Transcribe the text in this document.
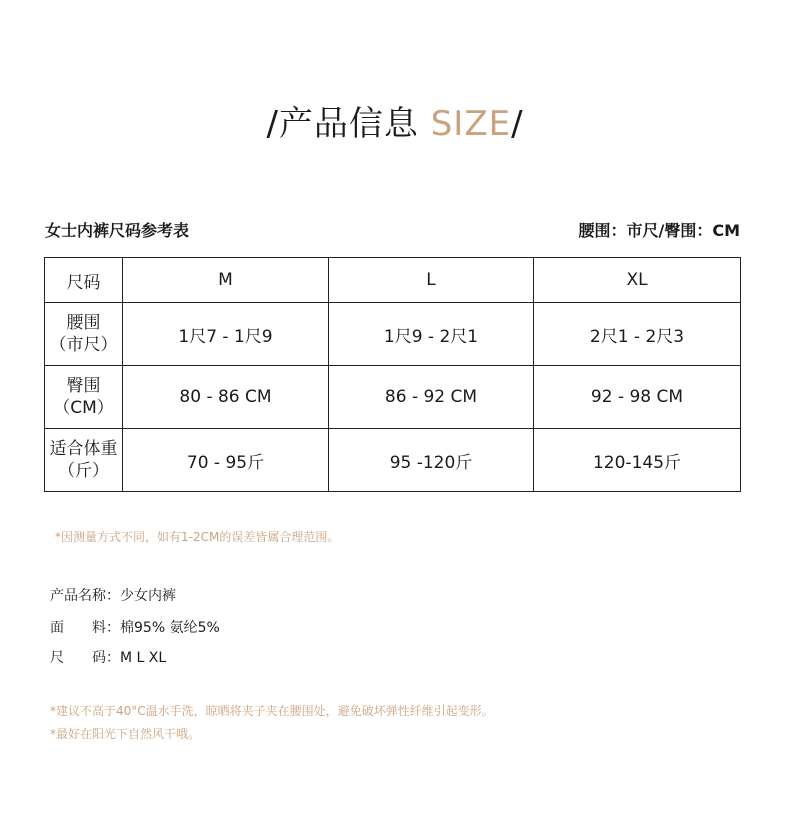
/产品信息 SIZE/
女士内裤尺码参考表	腰围：市尺/臀围：CM
尺码	M	L	XL

腰围
（市尺）	1尺7 - 1尺9	1尺9 - 2尺1	2尺1 - 2尺3

臀围
（CM）	80 - 86 CM	86 - 92 CM	92 - 98 CM

适合体重
（斤）	70 - 95斤	95 -120斤	120-145斤
*因测量方式不同，如有1-2CM的误差皆属合理范围。
产品名称：少女内裤
面　　料：棉95% 氨纶5%
尺　　码：M L XL
*建议不高于40°C温水手洗，晾晒将夹子夹在腰围处，避免破坏弹性纤维引起变形。
*最好在阳光下自然风干哦。
